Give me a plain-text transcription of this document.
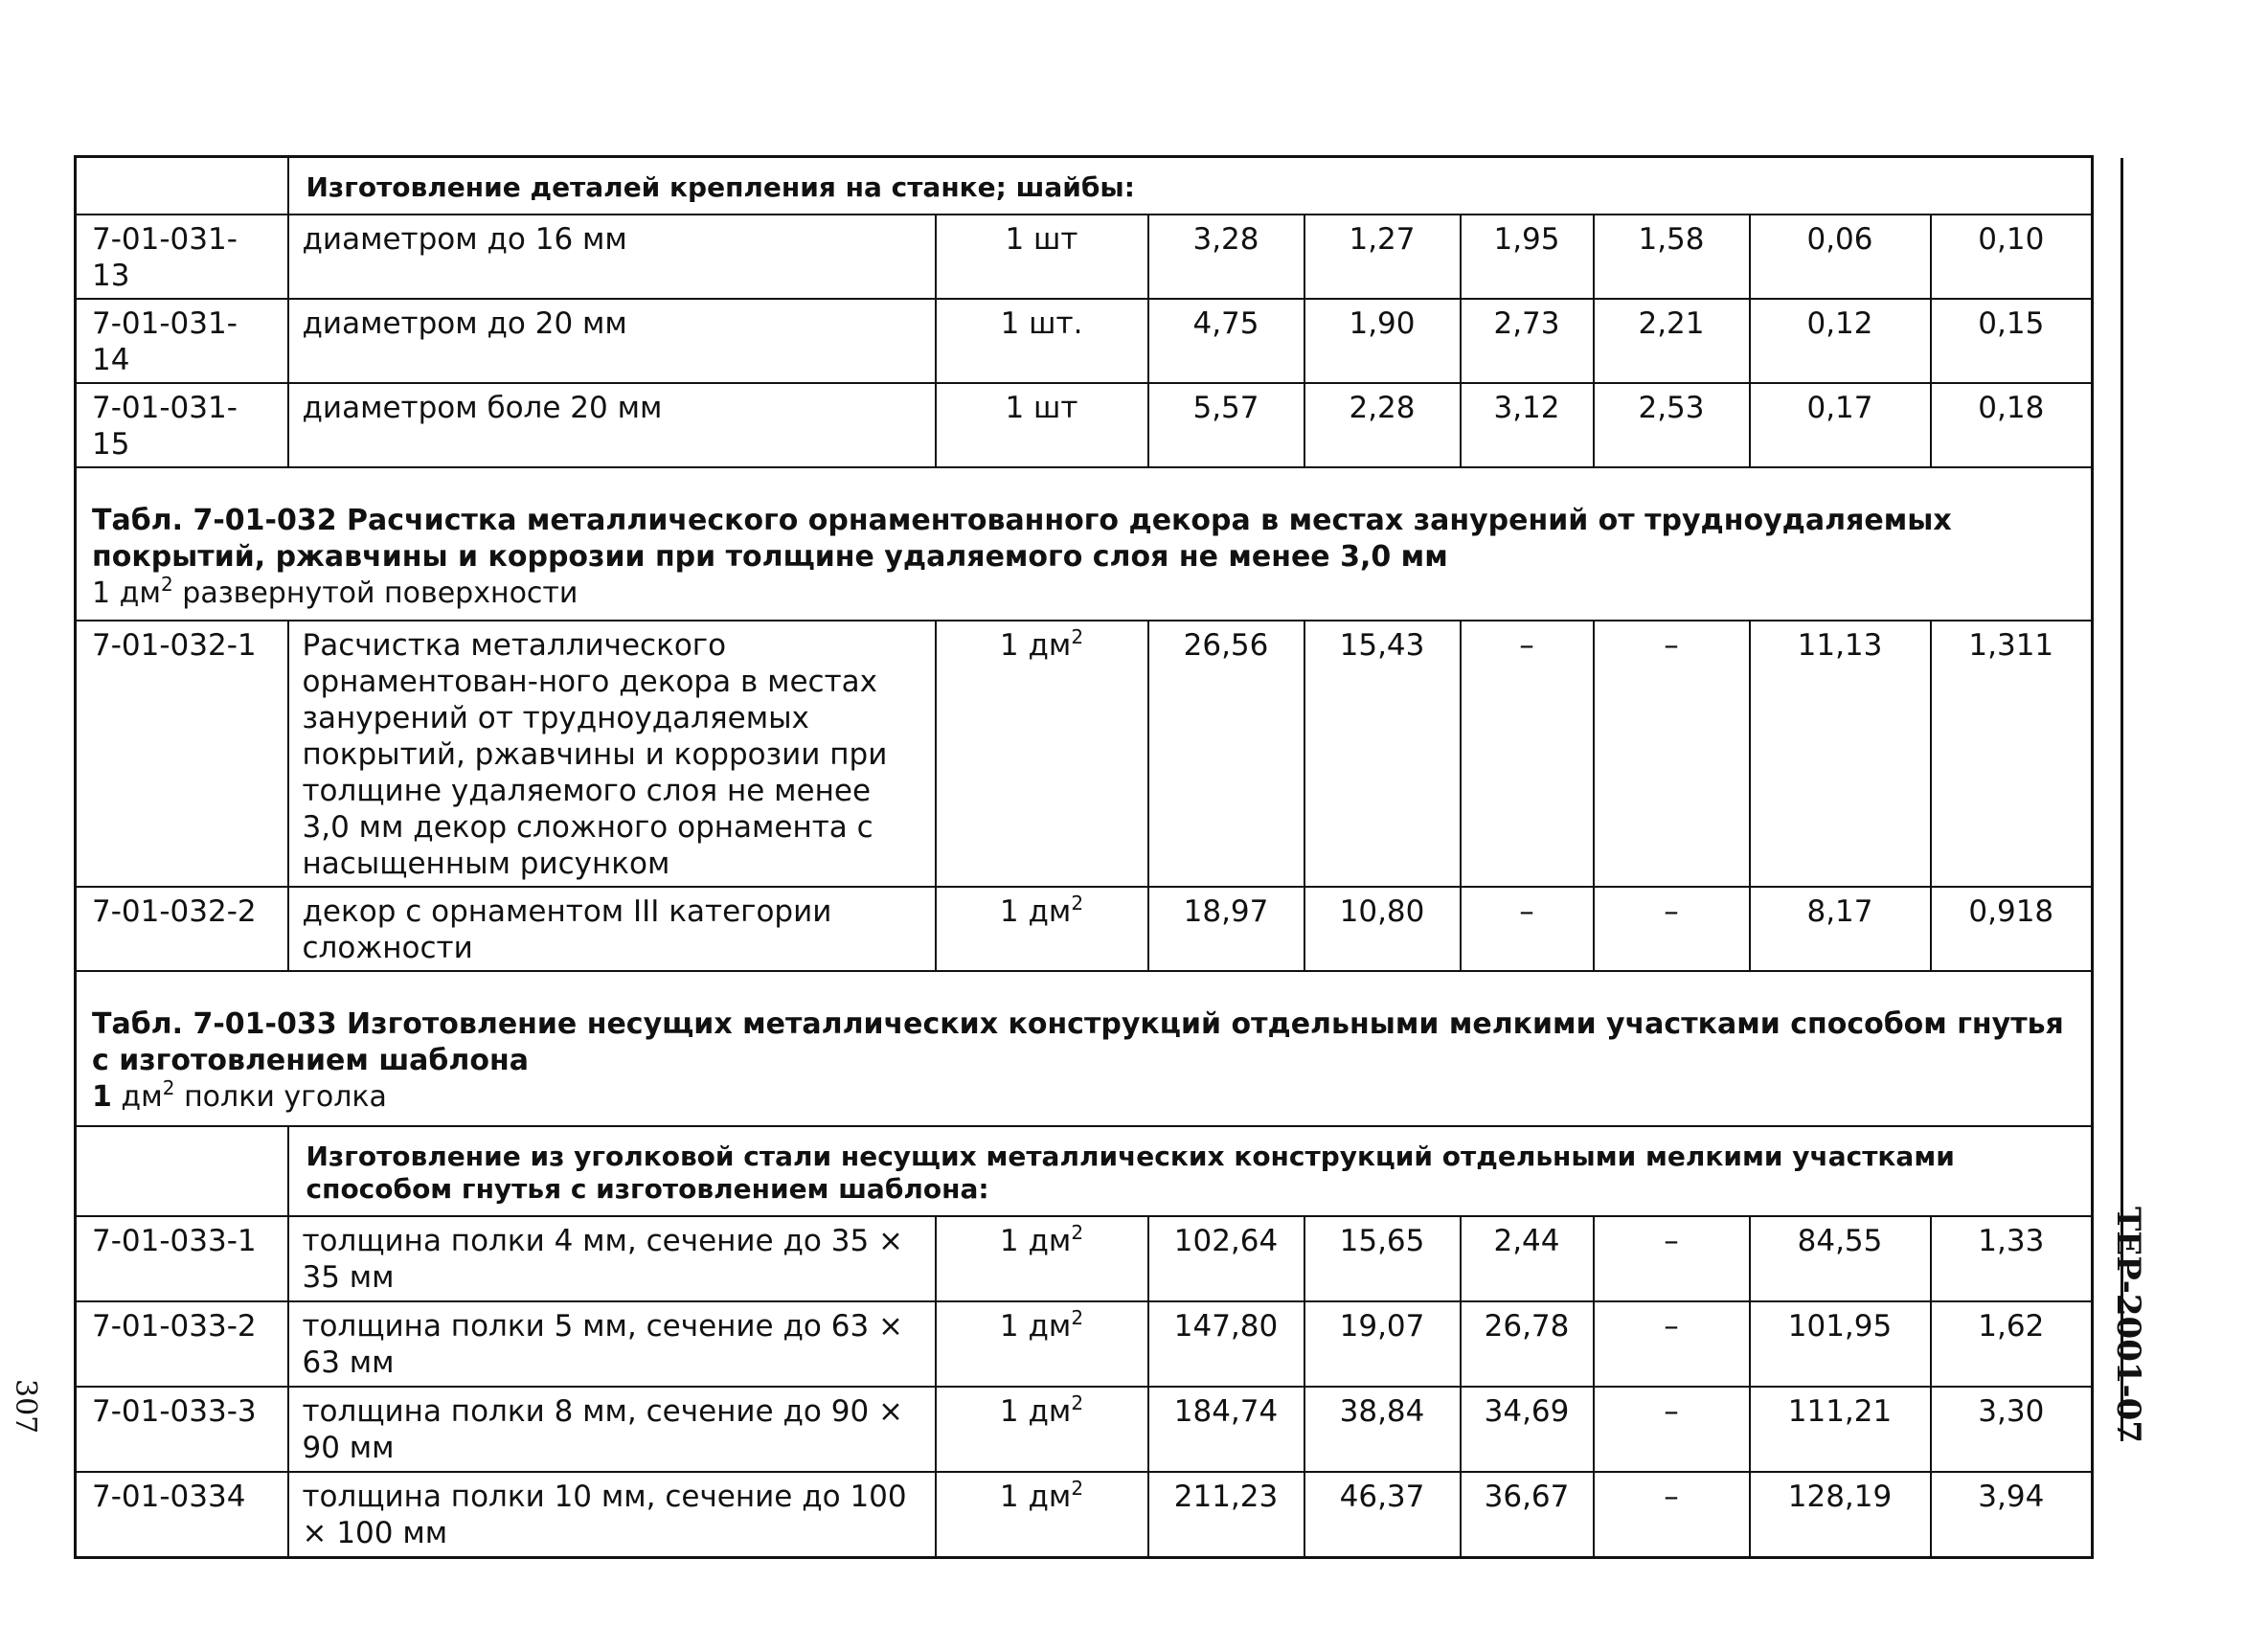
	Изготовление деталей крепления на станке; шайбы:							
7-01-031-13	диаметром до 16 мм	1 шт	3,28	1,27	1,95	1,58	0,06	0,10
7-01-031-14	диаметром до 20 мм	1 шт.	4,75	1,90	2,73	2,21	0,12	0,15
7-01-031-15	диаметром боле 20 мм	1 шт	5,57	2,28	3,12	2,53	0,17	0,18

Табл. 7-01-032 Расчистка металлического орнаментованного декора в местах занурений от трудноудаляемых покрытий, ржавчины и коррозии при толщине удаляемого слоя не менее 3,0 мм
1 $дм^2$ развернутой поверхности								

7-01-032-1	Расчистка металлического орнаментован-ного декора в местах занурений от трудноудаляемых покрытий, ржавчины и коррозии при толщине удаляемого слоя не менее 3,0 мм декор сложного орнамента с насыщенным рисунком	1 $дм^2$	26,56	15,43	–	–	11,13	1,311
7-01-032-2	декор с орнаментом III категории сложности	1 $дм^2$	18,97	10,80	–	–	8,17	0,918

Табл. 7-01-033 Изготовление несущих металлических конструкций отдельными мелкими участками способом гнутья с изготовлением шаблона
1 $дм^2$ полки уголка								

	Изготовление из уголковой стали несущих металлических конструкций отдельными мелкими участками способом гнутья с изготовлением шаблона:							
7-01-033-1	толщина полки 4 мм, сечение до 35 × 35 мм	1 $дм^2$	102,64	15,65	2,44	–	84,55	1,33
7-01-033-2	толщина полки 5 мм, сечение до 63 × 63 мм	1 $дм^2$	147,80	19,07	26,78	–	101,95	1,62
7-01-033-3	толщина полки 8 мм, сечение до 90 × 90 мм	1 $дм^2$	184,74	38,84	34,69	–	111,21	3,30
7-01-0334	толщина полки 10 мм, сечение до 100 × 100 мм	1 $дм^2$	211,23	46,37	36,67	–	128,19	3,94
ТЕР-2001-07
307
